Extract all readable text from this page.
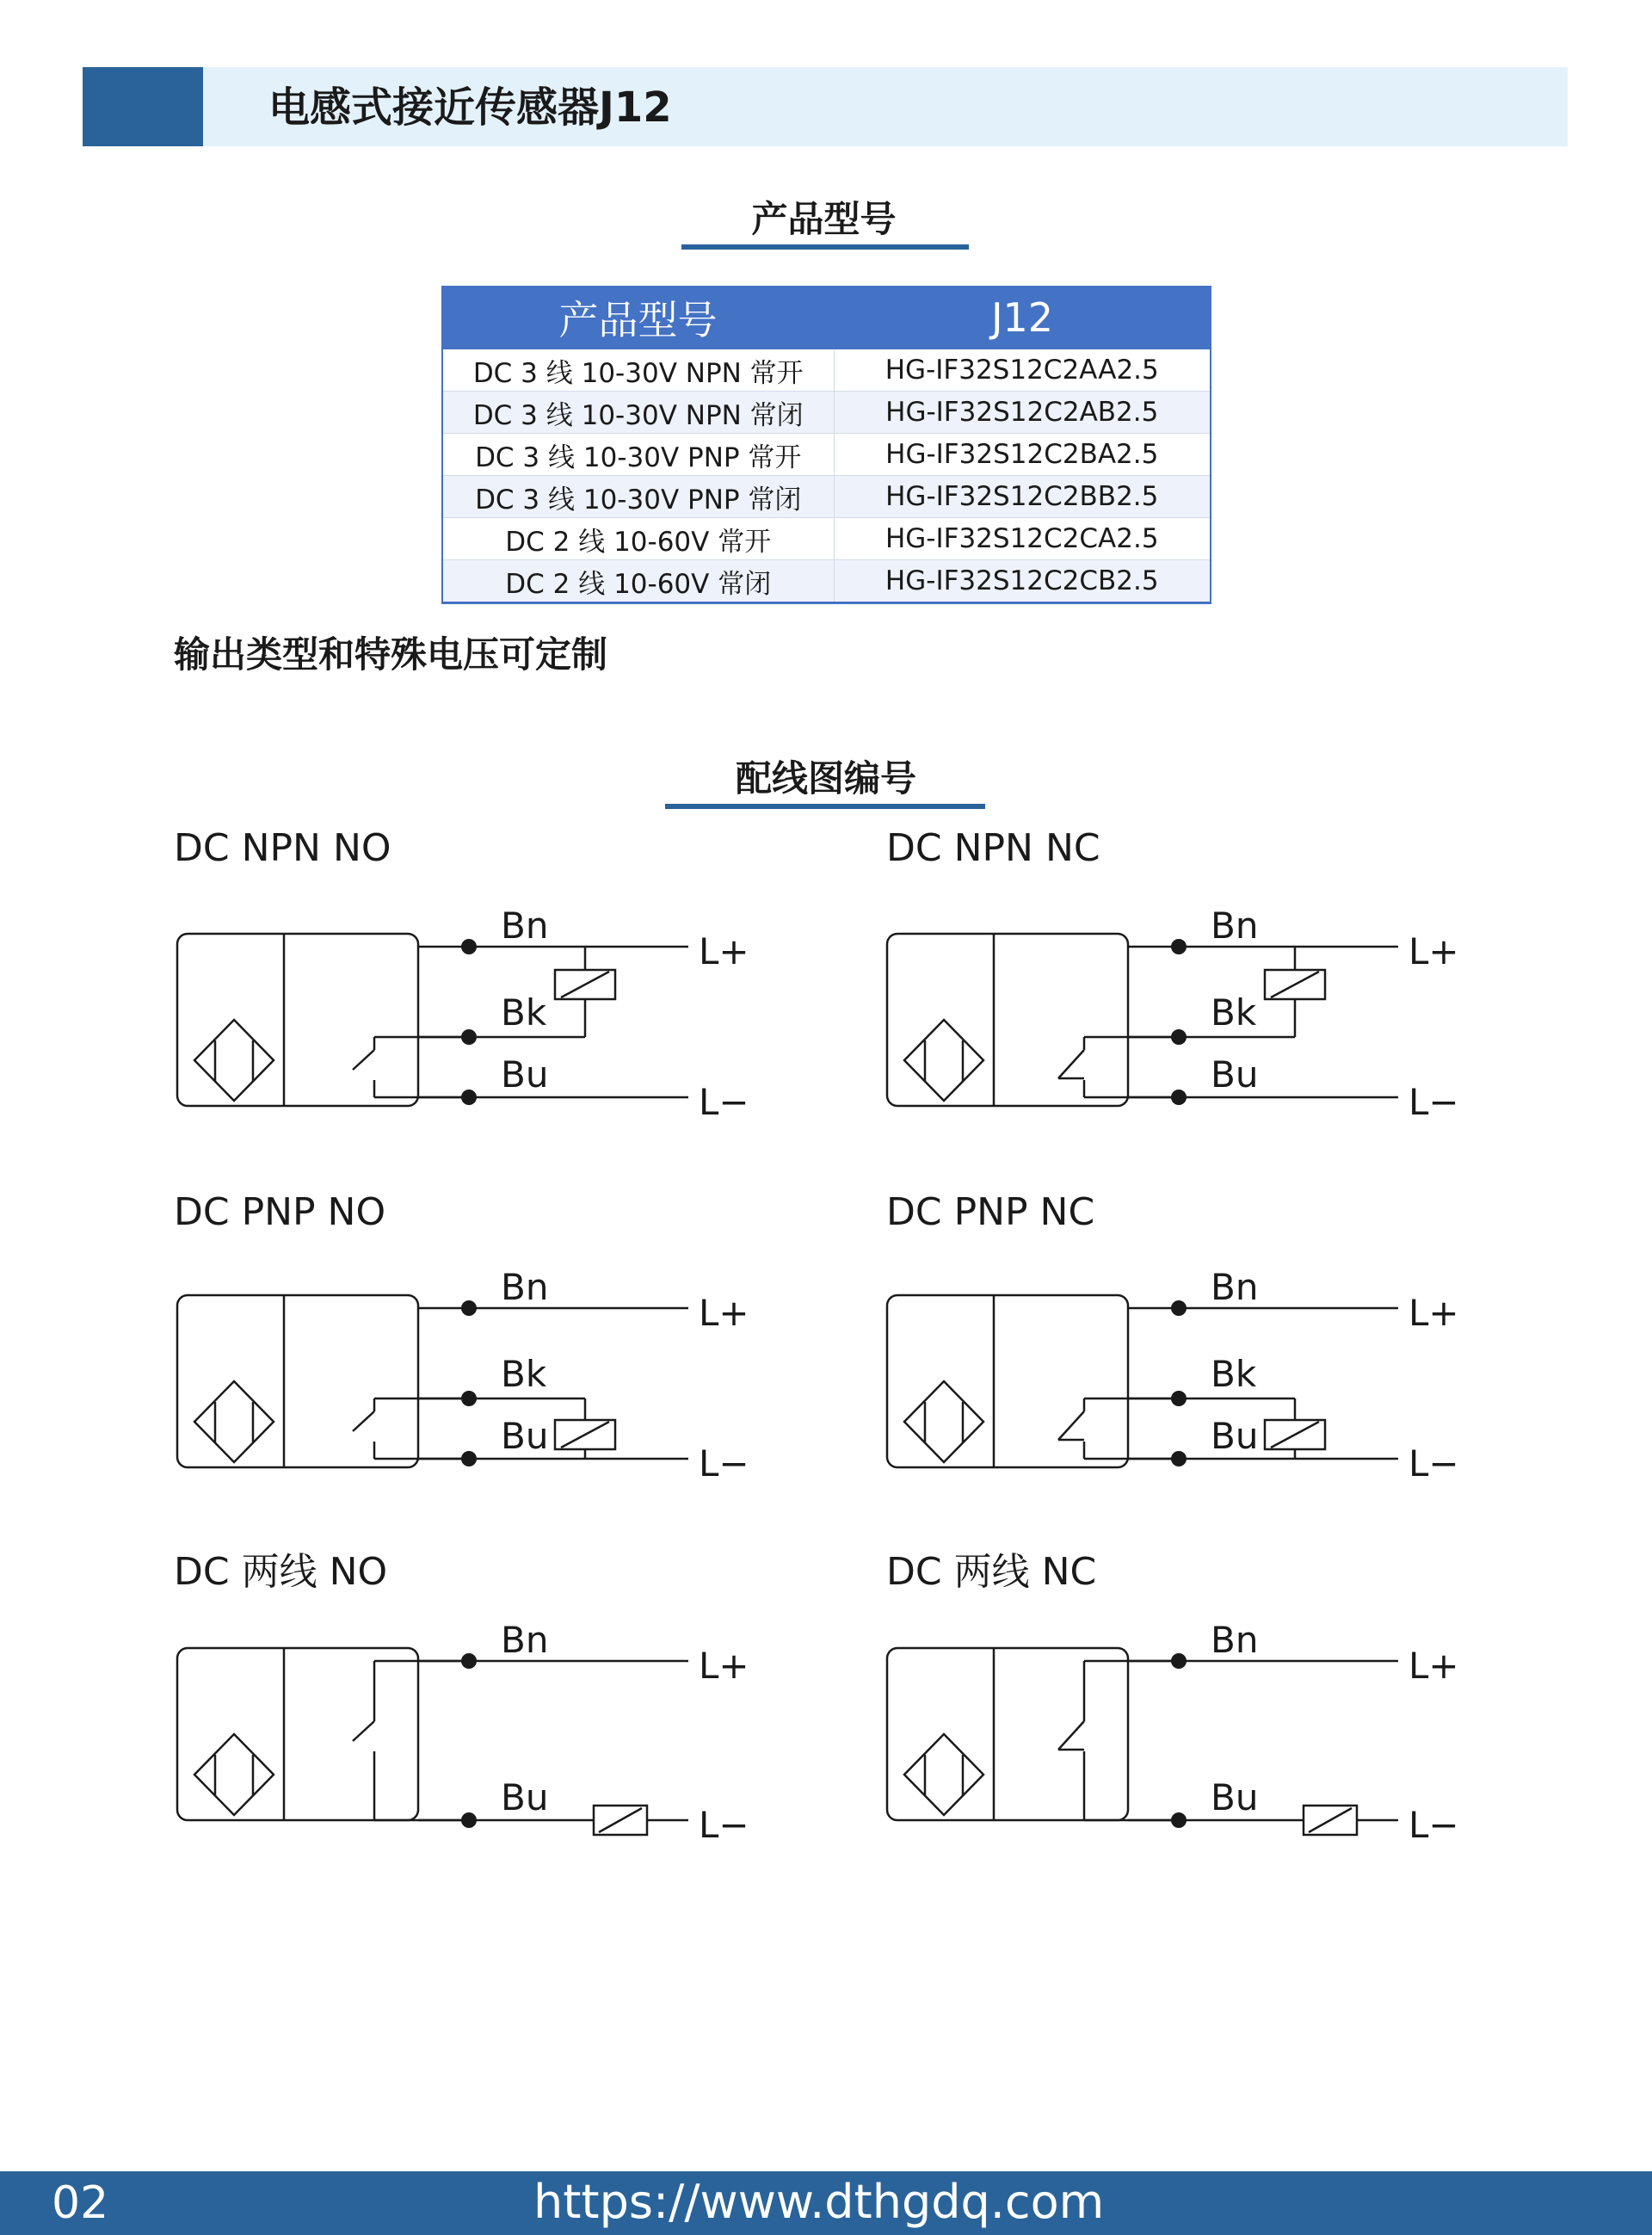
电感式接近传感器J12
产品型号
产品型号	J12
DC 3 线 10-30V NPN 常开	HG-IF32S12C2AA2.5
DC 3 线 10-30V NPN 常闭	HG-IF32S12C2AB2.5
DC 3 线 10-30V PNP 常开	HG-IF32S12C2BA2.5
DC 3 线 10-30V PNP 常闭	HG-IF32S12C2BB2.5
DC 2 线 10-60V 常开	HG-IF32S12C2CA2.5
DC 2 线 10-60V 常闭	HG-IF32S12C2CB2.5
输出类型和特殊电压可定制
配线图编号
DC NPN NO
Bn
Bk
Bu
L+
L−
DC NPN NC
Bn
Bk
Bu
L+
L−
DC PNP NO
Bn
Bk
Bu
L+
L−
DC PNP NC
Bn
Bk
Bu
L+
L−
DC 两线 NO
Bn
Bu
L+
L−
DC 两线 NC
Bn
Bu
L+
L−
02	https://www.dthgdq.com
